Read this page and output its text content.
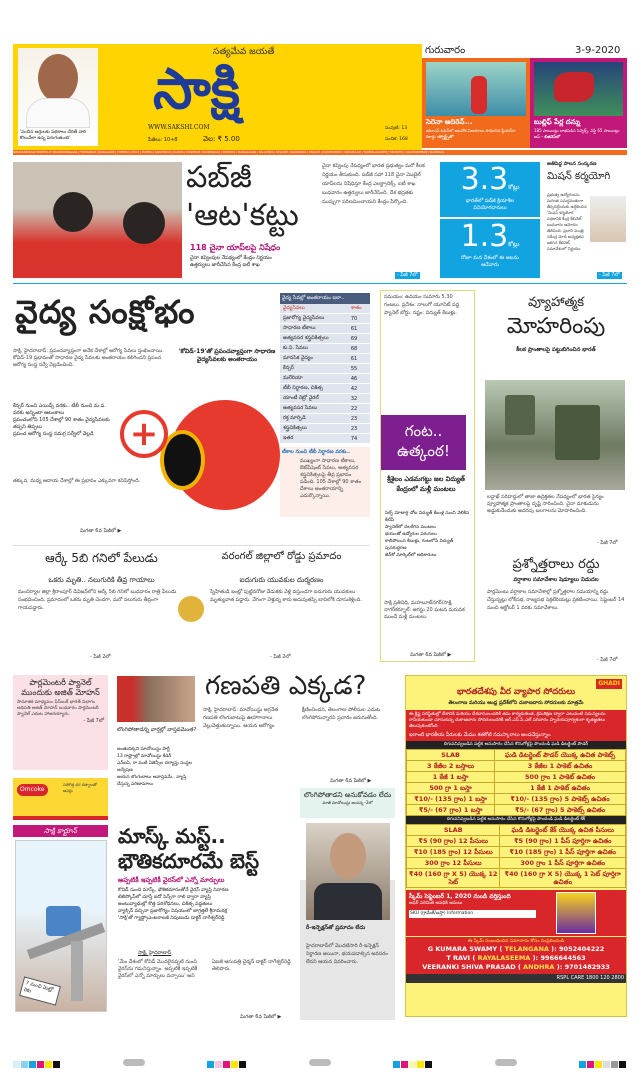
'పంచిన ఆర్తులకు పథకాలు చేరితే వారి కొలువేలా ఉన్న పెరుగుతుంది'
సత్యమేవ జయతే
సాక్షి
WWW.SAKSHI.COM
పేజీలు: 10+8	వెల: ₹ 5.00
సంపుటి: 13
సంచిక: 168
గురువారం	3-9-2020
సెరెనా అదిరెన్...
యూఎస్ ఓపెన్‌లో అలవోక విజయాలు సాధించిన ప్లేయర్‌గా రికార్డు -స్పోర్ట్స్‌లో
బుల్లి‌ఫ్ పేర్ల దన్ను
185 పాయింట్లు లాభపడిన సెన్సెక్స్, నిఫ్టీ 65 పాయింట్లు అప్ - బిజినెస్‌లో
SIMULTANEOUSLY PRINTED AT MAHABOOBNAGAR | HYDERABAD | BANGALORE | CHENNAI | DELHI | MUMBAI | ANANTAPUR | KADAPA | KHAMMAM | KARIMNAGAR | KURNOOL | MANGALAGIRI | NALGONDA | NELLORE | NIZAMABAD | ONGOLE | RAJAHMUNDRY | SRIKAKULAM | TADEPALLIGUDEM | TIRUPATHI | VISAKHAPATNAM | WARANGAL
పబ్‌జీ
'ఆట'కట్టు
118 చైనా యాప్‌లపై నిషేధం
చైనా కవ్వింపుల నేపథ్యంలో కేంద్రం నిర్ణయం
ఉత్తర్వులు జారీచేసిన కేంద్ర ఐటీ శాఖ
చైనా కవ్వింపు నేపథ్యంలో భారత ప్రభుత్వం మరో కీలక నిర్ణయం తీసుకుంది. పబ్‌జీ సహా 118 చైనా మొబైల్ యాప్‌లను నిషేధిస్తూ కేంద్ర ఎలక్ట్రానిక్స్, ఐటీ శాఖ బుధవారం ఉత్తర్వులు జారీచేసింది. దేశ భద్రతకు ముప్పుగా పరిణమించాయని కేంద్రం పేర్కొంది.
- పేజీ 7లో
3.3కోట్లు
భారత్‌లో పబ్‌జీ క్రియాశీల వినియోగదారులు
1.3కోట్లు
రోజూ మన దేశంలో ఈ ఆటను ఆడేవారు
అతిపెద్ద పాలన సంస్కరణ
మిషన్ కర్మయోగి
ప్రభుత్వ ఉద్యోగులను మరింత సమర్థవంతంగా తీర్చిదిద్దేందుకు ఉద్దేశించిన 'మిషన్ కర్మయోగి' పథకానికి కేంద్ర కేబినెట్ బుధవారం ఆమోదం తెలిపింది. ప్రధాని మంత్రి నరేంద్ర మోదీ అధ్యక్షతన జరిగిన కేబినెట్ సమావేశంలో నిర్ణయం.
- పేజీ 7లో
వైద్య సంక్షోభం
సాక్షి, హైదరాబాద్: ప్రపంచవ్యాప్తంగా అనేక దేశాల్లో ఆరోగ్య సేవలు స్తంభించాయి. కోవిడ్-19 ప్రభావంతో సాధారణ వైద్య సేవలకు అంతరాయం కలిగిందని ప్రపంచ ఆరోగ్య సంస్థ సర్వే వెల్లడించింది.
'కోవిడ్-19'తో ప్రపంచవ్యాప్తంగా సాధారణ వైద్యసేవలకు అంతరాయం
+
కేన్సర్ నుంచి ఎయిడ్స్ వరకు.. టీబీ నుంచి మ.ప. వరకు అన్నింటా ఆటంకాలు
ప్రపంచంలోని 105 దేశాల్లో 90 శాతం వైద్యసేవలకు తప్పని తిప్పలు
ప్రపంచ ఆరోగ్య సంస్థ సమగ్ర సర్వేలో వెల్లడి
తక్కువ, మధ్య ఆదాయ దేశాల్లో ఈ ప్రభావం ఎక్కువగా కనిపిస్తోంది.
మిగతా 6వ పేజీలో ▶
వైద్య సేవల్లో అంతరాయం ఇలా..
వైద్యసేవలు	శాతం
ప్రజారోగ్య వైద్యసేవలు	70
సాధారణ టీకాలు	61
అత్యవసర శస్త్రచికిత్సలు	69
కు.ని. సేవలు	68
మానసిక వైద్యం	61
కేన్సర్	55
మలేరియా	46
టీబీ నిర్ధారణ, చికిత్స	42
యాంటీ రెట్రో వైరల్	32
అత్యవసర సేవలు	22
రక్త మార్పిడి	23
శస్త్రచికిత్సలు	23
ఇతర	74
టీకాల నుంచి టీబీ నిర్ధారణ వరకు..
ముఖ్యంగా సాధారణ టీకాలు, ఔట్‌పేషెంట్ సేవలు, అత్యవసర శస్త్రచికిత్సలపై తీవ్ర ప్రభావం పడింది. 105 దేశాల్లో 90 శాతం దేశాలు అంతరాయాన్ని ఎదుర్కొన్నాయి.
సమయం: ఉదయం సుమారు 5.30 గంటలు. ప్రదేశం: నాలుగో యూనిట్ వద్ద ప్యానెల్ బోర్డు. నష్టం: విద్యుత్ కేబుళ్లు.
గంట.. ఉత్కంఠ!
శ్రీశైలం ఎడమగట్టు జల విద్యుత్ కేంద్రంలో మళ్లీ మంటలు
సెల్ఫ్ మోటార్ల చోట విద్యుత్ కేబుళ్ల నుంచి వెలికిన కేటీపీ
ప్యానెల్‌లో చెలరేగిన మంటలు
భయంతో ఉద్యోగుల పరుగులు
కాలిపోయిన కేబుళ్లు, గంటలోపే విద్యుత్ పునరుద్ధరణ
జెన్‌కో మార్కెట్‌లో అధికారులు
సాక్షి ప్రతినిధి, మహబూబ్‌నగర్/సాక్షి, నాగర్‌కర్నూల్: ఆగస్టు 20 ఘటన మరువక ముందే మళ్లీ మంటలు.
మిగతా 6వ పేజీలో ▶
వ్యూహాత్మక
మోహరింపు
కీలక ప్రాంతాలపై పట్టుబిగించిన భారత్
లద్దాఖ్ సరిహద్దులో తాజా ఉద్రిక్తతల నేపథ్యంలో భారత సైన్యం వ్యూహాత్మక ప్రాంతాలపై దృష్టి సారించింది. చైనా దూకుడును అడ్డుకునేందుకు అదనపు బలగాలను మోహరించింది.
- పేజీ 7లో
ప్రశ్నోత్తరాలు రద్దు
వర్షాకాల సమావేశాల షెడ్యూలు విడుదల
పార్లమెంటు వర్షాకాల సమావేశాల్లో ప్రశ్నోత్తరాల సమయాన్ని రద్దు చేస్తున్నట్లు లోక్‌సభ, రాజ్యసభ సెక్రటేరియట్లు ప్రకటించాయి. సెప్టెంబర్ 14 నుంచి అక్టోబర్ 1 వరకు సమావేశాలు.
- పేజీ 7లో
ఆర్కే 5బి గనిలో పేలుడు
ఒకరు మృతి.. నలుగురికి తీవ్ర గాయాలు
మంచిర్యాల జిల్లా శ్రీరాంపూర్ డివిజన్‌లోని ఆర్కే 5బి గనిలో బుధవారం రాత్రి పేలుడు సంభవించింది. ప్రమాదంలో ఒకరు మృతి చెందగా, మరో నలుగురు తీవ్రంగా గాయపడ్డారు.
- పేజీ 2లో
వరంగల్ జిల్లాలో రోడ్డు ప్రమాదం
ఐదుగురు యువకుల దుర్మరణం
స్నేహితుడి ఇంట్లో పుట్టినరోజు వేడుకకు వెళ్లి వస్తుండగా ఐదుగురు యువకులు మృత్యువాత పడ్డారు. వేగంగా వెళ్తున్న కారు అదుపుతప్పి బావిలోకి దూసుకెళ్లింది.
- పేజీ 2లో
పార్లమెంటరీ ప్యానెల్ ముందుకు అజిత్ మోహన్
సామాజిక మాధ్యమం ఫేస్‌బుక్ భారత్ విభాగం అధిపతి అజిత్ మోహన్ బుధవారం పార్లమెంటరీ ప్యానెల్ ఎదుట హాజరయ్యారు.
- పేజీ 7లో
Omcoke
సరికొత్త ధర రత్నాలతో ఆఫర్లు
లొంగిపోతాడన్న వార్తల్లో వాస్తవమెంత?
అంతుచిక్కని మావోయిస్టు పార్టీ
13 రాష్ట్రాల్లో మావోయిస్టు కేడర్
ఎన్‌ఐఏ, రా వంటి ఏజెన్సీల దర్యాప్తు సంస్థల అన్వేషణ
ఆయన లొంగుబాటు అవాస్తవమే.. వ్యాప్తి చేస్తున్న పరిణామాలు
గణపతి ఎక్కడ?
సాక్షి, హైదరాబాద్: మావోయిస్టు అగ్రనేత గణపతి లొంగుబాటుపై ఊహాగానాలు వెల్లువెత్తుతున్నాయి. ఆయన ఆరోగ్యం క్షీణించిందని, తెలంగాణ పోలీసుల ఎదుట లొంగిపోనున్నారని ప్రచారం జరుగుతోంది.
మిగతా 6వ పేజీలో ▶
లొంగిపోతాడని అనుకోవడం లేదు
మాజీ మావోయిస్టు జంపన్న -2లో
సాక్షి కార్టూన్
7 నుంచి మెట్రో రెకు
మాస్క్ మస్ట్..
భౌతికదూరమే బెస్ట్
అప్పటికీ ఇప్పటికీ వైరస్‌లో ఎన్నో మార్పులు
కొవిడ్ నుంచి మాస్క్, భౌతికదూరంతోనే వైరస్ వ్యాప్తి నివారణ
టెలిస్కోప్‌లో చూస్తే ఐదో సెన్స్‌గా గాలి ద్వారా వ్యాప్తి
అంటువ్యాధుల్లో కొత్త పరిశోధనలు, చికిత్స పద్ధతులు
వ్యాక్సిన్ వచ్చినా ప్రజారోగ్యం విషయంలో జాగ్రత్తలే శ్రీరామరక్ష
'సాక్షి'తో గ్యాస్ట్రోఎంటరాలజీ నిపుణుడు డాక్టర్ నాగేశ్వర్‌రెడ్డి
సాక్షి, హైదరాబాద్
'మేం దేశంలో కోవిడ్ మొదలైనప్పటి నుంచి వైరస్‌ను గమనిస్తున్నాం. అప్పటికీ ఇప్పటికీ వైరస్‌లో ఎన్నో మార్పులు వచ్చాయి' అని ఏఐజీ ఆసుపత్రి చైర్మన్ డాక్టర్ నాగేశ్వర్‌రెడ్డి తెలిపారు.
మిగతా 6వ పేజీలో ▶
రీ-ఇన్ఫెక్షన్‌తో ప్రమాదం లేదు
హైదరాబాద్‌లో మొదటిసారి రీ-ఇన్ఫెక్షన్ నిర్ధారణ అయినా, భయపడాల్సిన అవసరం లేదని ఆయన వివరించారు.
GHADI
భారతదేశపు వీర వ్యాపార సోదరులు
తెలంగాణ మరియు ఆంధ్ర ప్రదేశ్‌లోని దుకాణదారు సోదరులకు మాత్రమే
ఈ క్లిష్ట పరిస్థితుల్లో దేశానికి మరియు దేశవాసులందరికీ తమ కార్యకుశలత, క్రమశిక్షణ ద్వారా ఎటువంటి సమస్యలను రానీయకుండా చూసుకున్న దుకాణదారు సోదరులందరికీ ఆర్.ఎస్.పి.ఎల్ పరివారం హృదయపూర్వకంగా కృతజ్ఞతలు తెలుపుకుంటోంది.
ఇలాంటి భారతీయ వీరులకు మేము శతకోటి నమస్కారాలు అందచేస్తున్నాం.
దిగువనివ్వబడిన పట్టిక అనుసారం చేసిన కొనుగోళ్లపై పొందండి ఘడి డిటర్జెంట్ పౌడర్
SLAB	ఘడి డిటర్జెంట్ పౌడర్ యొక్క ఉచిత పాకెట్స్
3 కేజీల 2 బస్తాలు	3 కేజీల 1 పాకెట్ ఉచితం
1 కేజీ 1 బస్తా	500 గ్రాం 1 పాకెట్ ఉచితం
500 గ్రా 1 బస్తా	1 కేజీ 1 పాకెట్ ఉచితం
₹10/- (135 గ్రాం) 1 బస్తా	₹10/- (135 గ్రాం) 5 పాకెట్స్ ఉచితం
₹5/- (67 గ్రాం) 1 బస్తా	₹5/- (67 గ్రాం) 5 పాకెట్స్ ఉచితం
దిగువనివ్వబడిన పట్టిక అనుసారం చేసిన కొనుగోళ్లపై పొందండి ఘడి డిటర్జెంట్ కేక్
SLAB	ఘడి డిటర్జెంట్ కేక్ యొక్క ఉచిత పీసులు
₹5 (90 గ్రాం) 12 పీసులు	₹5 (90 గ్రాం) 1 పీస్ పూర్తిగా ఉచితం
₹10 (185 గ్రాం) 12 పీసులు	₹10 (185 గ్రాం) 1 పీస్ పూర్తిగా ఉచితం
300 గ్రాం 12 పీసులు	300 గ్రాం 1 పీస్ పూర్తిగా ఉచితం
₹40 (160 గ్రా X 5) యొక్క 12 సెట్	₹40 (160 గ్రా X 5) యొక్క 1 సెట్ పూర్తిగా ఉచితం
స్కీమ్ సెప్టెంబర్ 1, 2020 నుండి వర్తిస్తుంది
ఆఫర్ పరిమిత అవధికి అమలు
SKU (గ్రామేజ్/బస్తా) Information
ఈ స్కీమ్ సంబంధించిన సమాచారం కోసం సంప్రదించండి
G KUMARA SWAMY ( TELANGANA ): 9052404222
T RAVI ( RAYALASEEMA ): 9966644563
VEERANKI SHIVA PRASAD ( ANDHRA ): 9701482933
RSPL CARE 1800 120 2800
